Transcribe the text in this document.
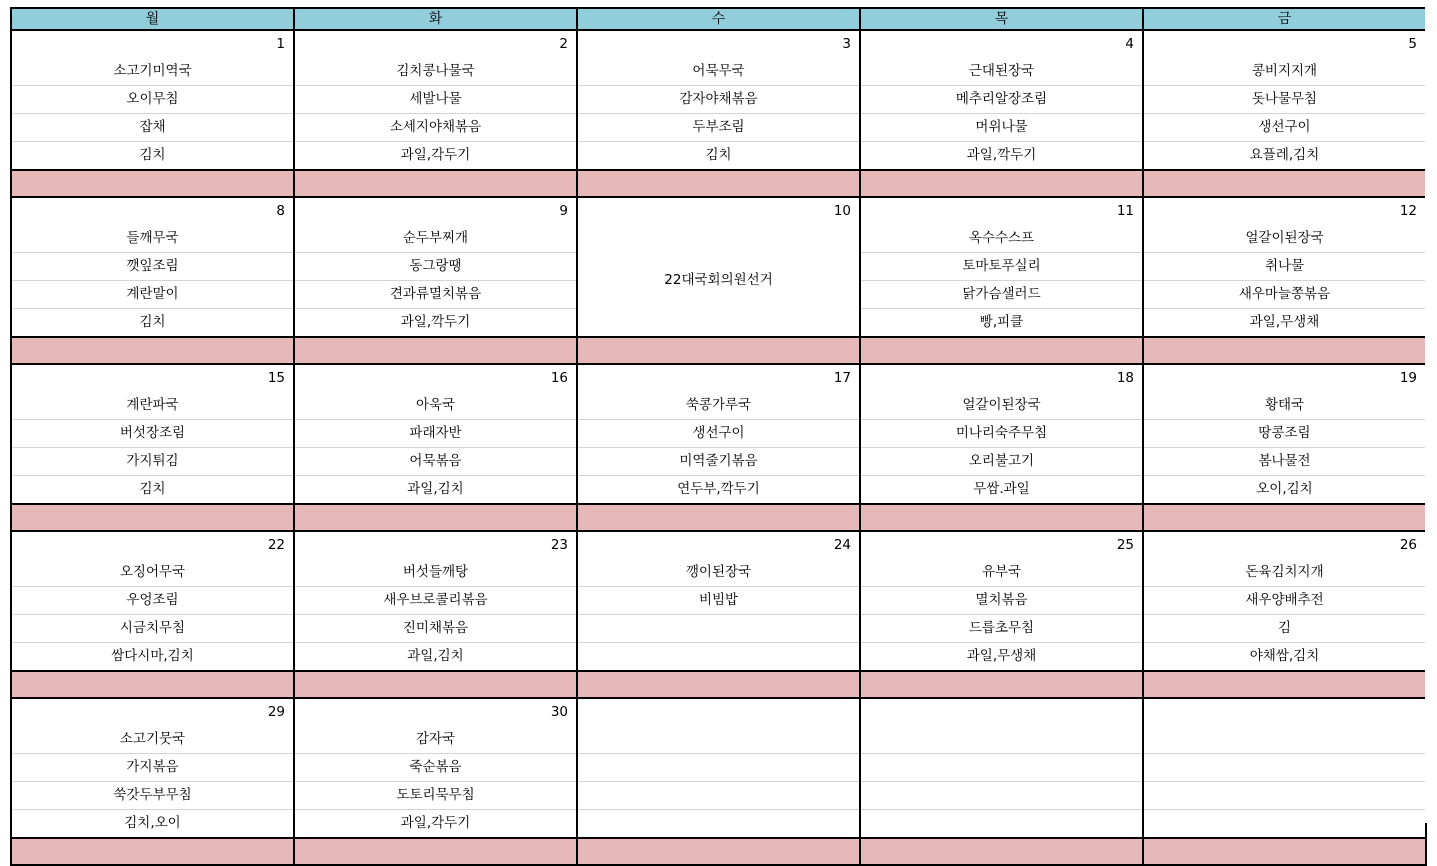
월	화	수	목	금
1	2	3	4	5
소고기미역국	김치콩나물국	어묵무국	근대된장국	콩비지지개
오이무침	세발나물	감자야채볶음	메추리알장조림	돗나물무침
잡채	소세지야채볶음	두부조림	머위나물	생선구이
김치	과일,각두기	김치	과일,깍두기	요플레,김치

8	9	10	11	12
들깨무국	순두부찌개	22대국회의원선거	옥수수스프	얼갈이된장국
깻잎조림	동그랑땡		토마토푸실리	취나물
계란말이	견과류멸치볶음		닭가슴샐러드	새우마늘쫑볶음
김치	과일,깍두기		빵,피클	과일,무생채

15	16	17	18	19
계란파국	아욱국	쑥콩가루국	얼갈이된장국	황태국
버섯장조림	파래자반	생선구이	미나리숙주무침	땅콩조림
가지튀김	어묵볶음	미역줄기볶음	오리불고기	봄나물전
김치	과일,김치	연두부,깍두기	무쌈.과일	오이,김치

22	23	24	25	26
오징어무국	버섯들깨탕	깽이된장국	유부국	돈육김치지개
우엉조림	새우브로콜리볶음	비빔밥	멸치볶음	새우양배추전
시금치무침	진미채볶음		드릅초무침	김
쌈다시마,김치	과일,김치		과일,무생채	야채쌈,김치

29	30			
소고기뭇국	감자국			
가지볶음	죽순볶음			
쑥갓두부무침	도토리묵무침			
김치,오이	과일,각두기			
